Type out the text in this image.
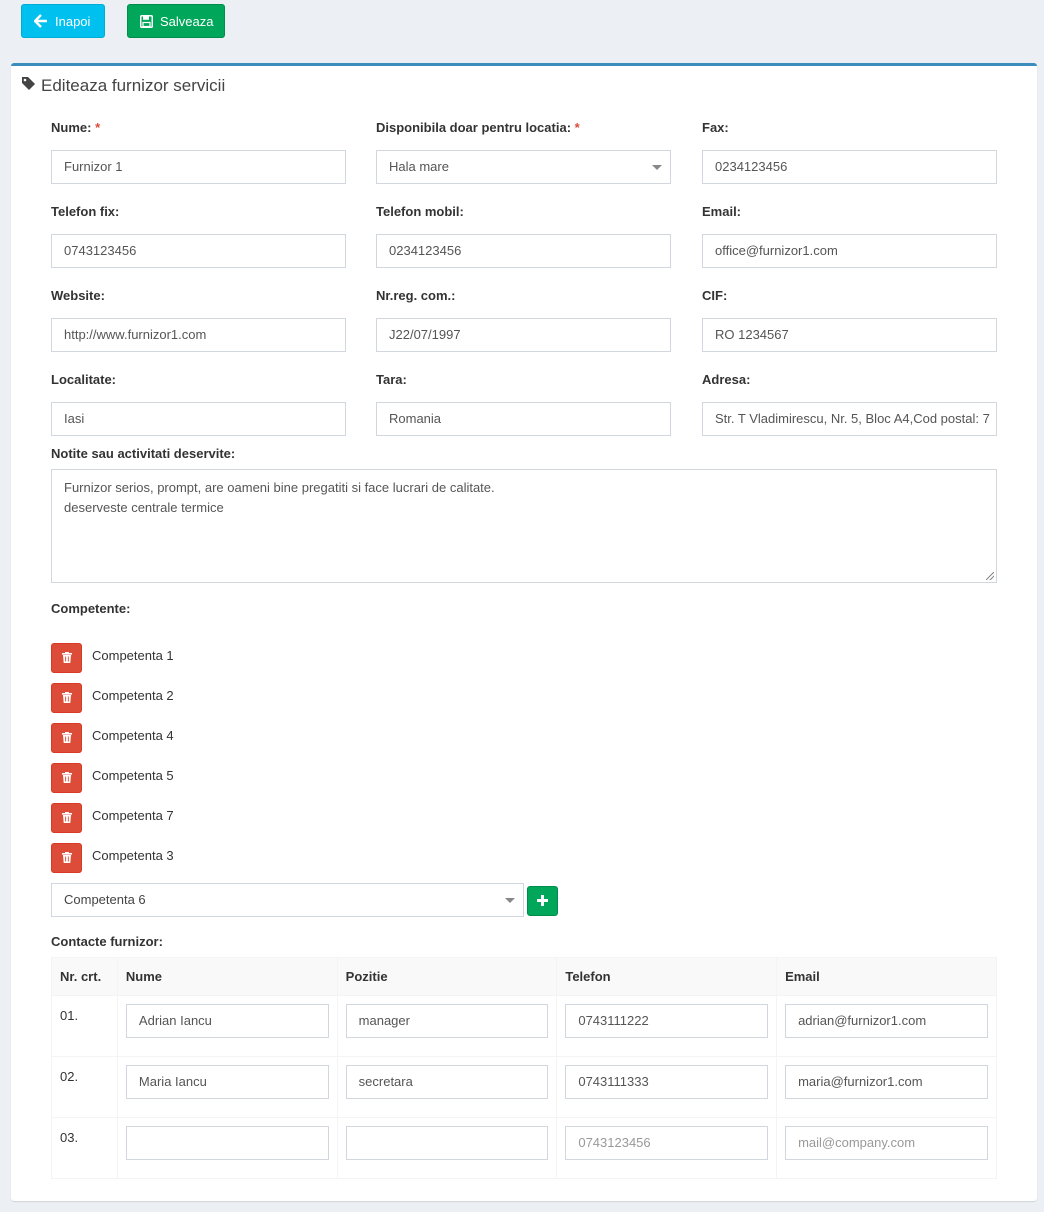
Inapoi	Salveaza
Editeaza furnizor servicii
Nume: *
Furnizor 1
Disponibila doar pentru locatia: *
Hala mare
Fax:
0234123456
Telefon fix:
0743123456
Telefon mobil:
0234123456
Email:
office@furnizor1.com
Website:
http://www.furnizor1.com
Nr.reg. com.:
J22/07/1997
CIF:
RO 1234567
Localitate:
Iasi
Tara:
Romania
Adresa:
Str. T Vladimirescu, Nr. 5, Bloc A4,Cod postal: 7
Notite sau activitati deservite:
Furnizor serios, prompt, are oameni bine pregatiti si face lucrari de calitate.
deserveste centrale termice
Competente:
Competenta 1
Competenta 2
Competenta 4
Competenta 5
Competenta 7
Competenta 3
Competenta 6
Contacte furnizor:
Nr. crt.	Nume	Pozitie	Telefon	Email
01.	Adrian Iancu	manager	0743111222	adrian@furnizor1.com

02.	Maria Iancu	secretara	0743111333	maria@furnizor1.com

03.			0743123456	mail@company.com
